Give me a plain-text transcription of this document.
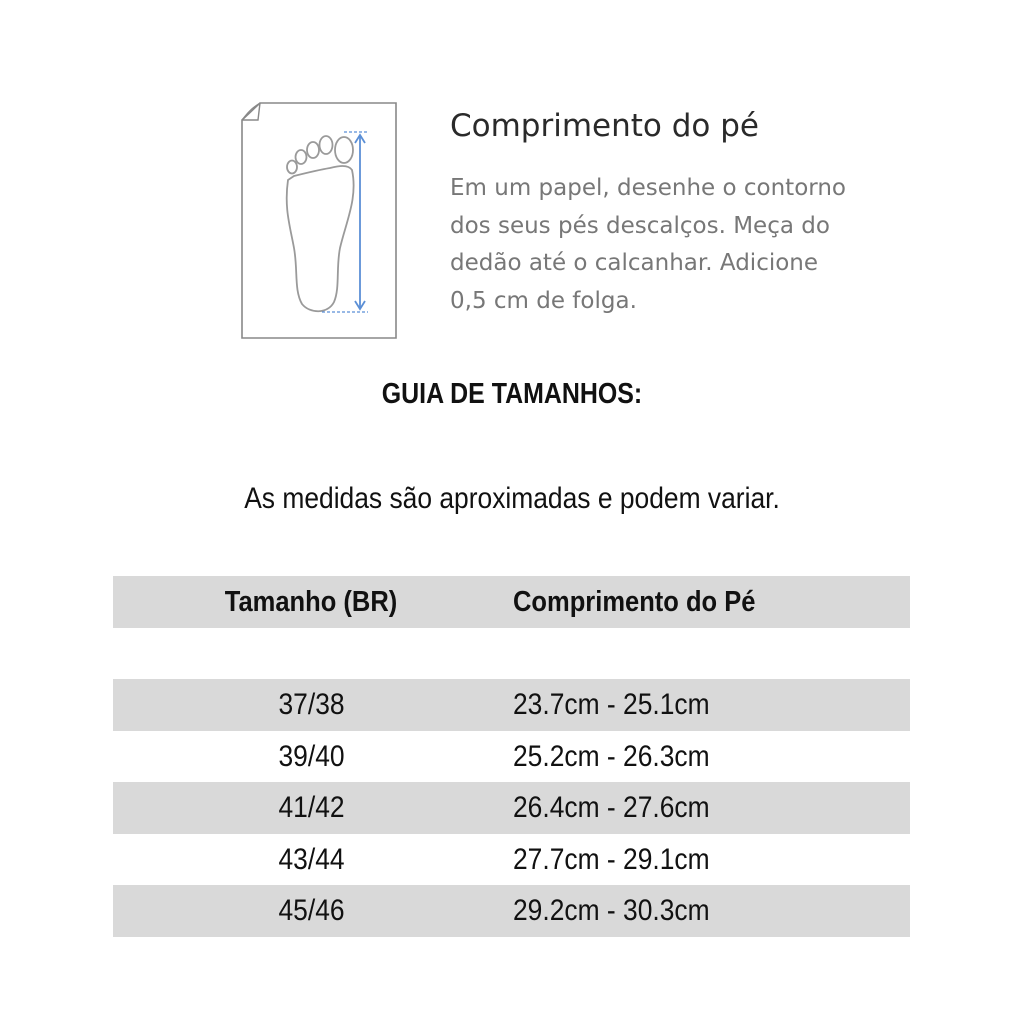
Comprimento do pé

Em um papel, desenhe o contorno dos seus pés descalços. Meça do dedão até o calcanhar. Adicione 0,5 cm de folga.

GUIA DE TAMANHOS:

As medidas são aproximadas e podem variar.

Tamanho (BR)	Comprimento do Pé
37/38	23.7cm - 25.1cm
39/40	25.2cm - 26.3cm
41/42	26.4cm - 27.6cm
43/44	27.7cm - 29.1cm
45/46	29.2cm - 30.3cm
